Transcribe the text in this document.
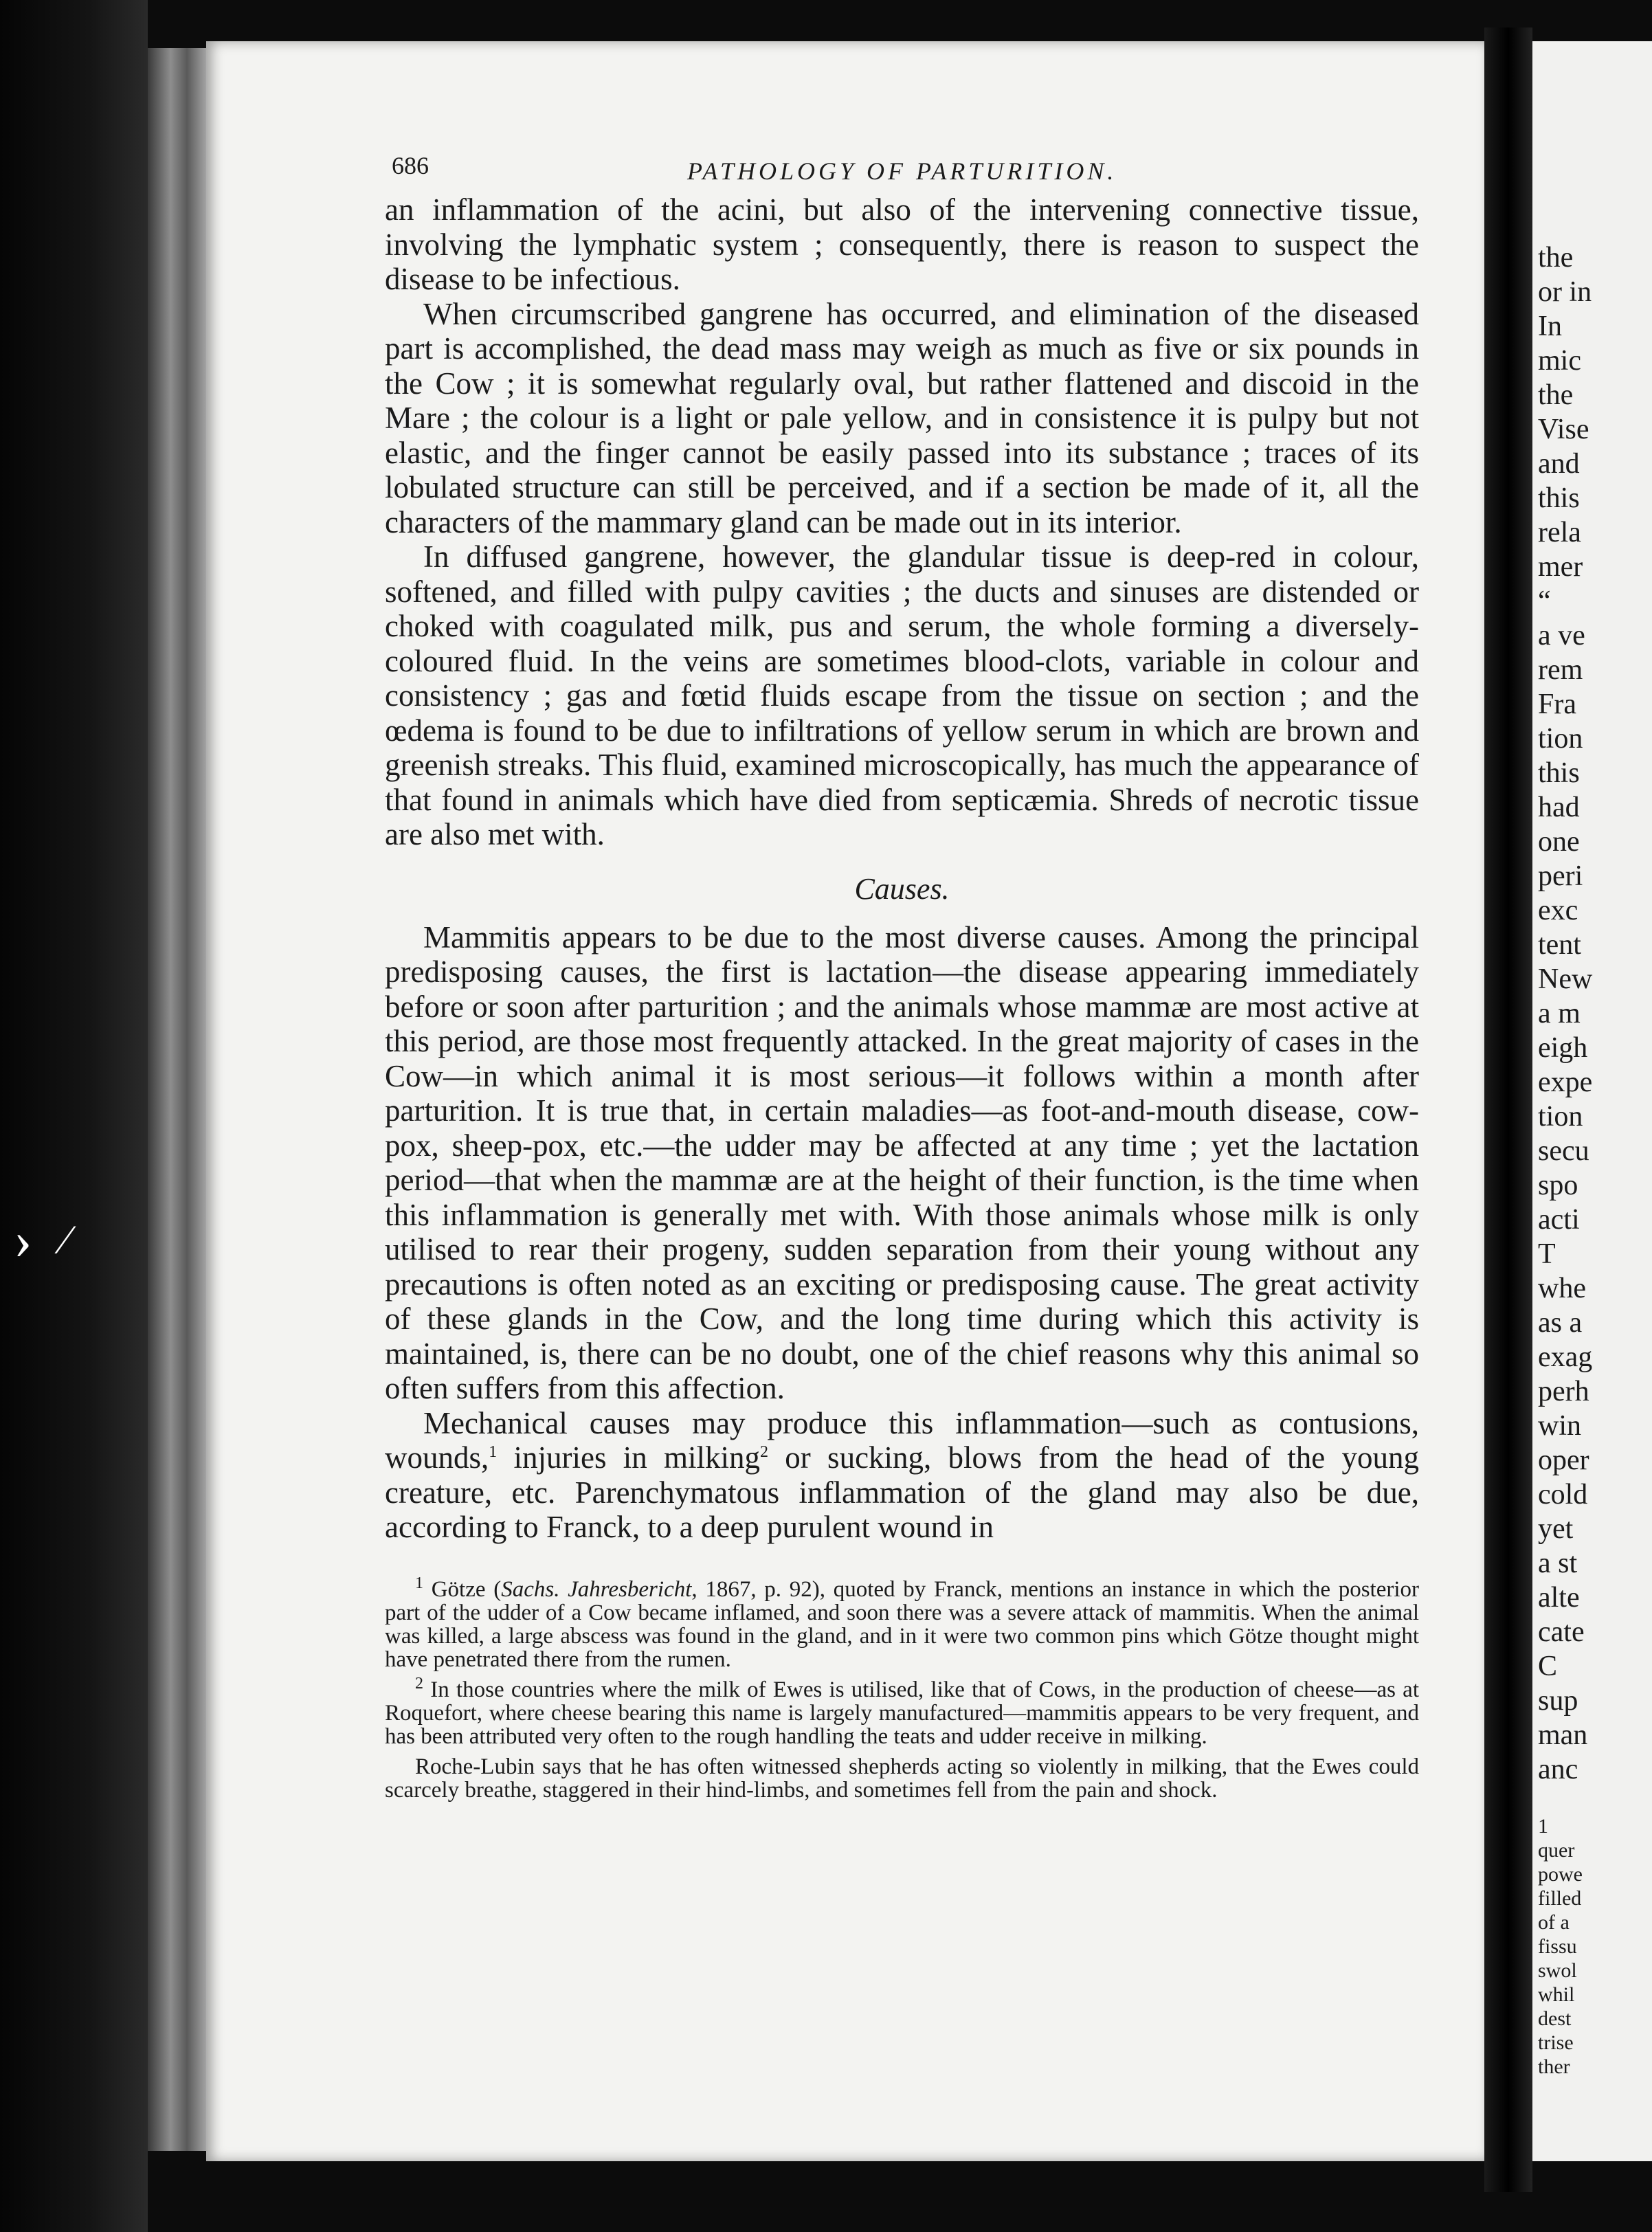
› ⁄
the
or in
In
mic
the
Vise
and
this
rela
mer
“
a ve
rem
Fra
tion
this
had
one
peri
exc
tent
New
a m
eigh
expe
tion
secu
spo
acti
T
whe
as a
exag
perh
win
oper
cold
yet
a st
alte
cate
C
sup
man
anc
1
quer
powe
filled
of a
fissu
swol
whil
dest
trise
ther
686	PATHOLOGY OF PARTURITION.

an inflammation of the acini, but also of the intervening connective tissue, involving the lymphatic system ; consequently, there is reason to suspect the disease to be infectious.

When circumscribed gangrene has occurred, and elimination of the diseased part is accomplished, the dead mass may weigh as much as five or six pounds in the Cow ; it is somewhat regularly oval, but rather flattened and discoid in the Mare ; the colour is a light or pale yellow, and in consistence it is pulpy but not elastic, and the finger cannot be easily passed into its substance ; traces of its lobulated structure can still be perceived, and if a section be made of it, all the characters of the mammary gland can be made out in its interior.

In diffused gangrene, however, the glandular tissue is deep-red in colour, softened, and filled with pulpy cavities ; the ducts and sinuses are distended or choked with coagulated milk, pus and serum, the whole forming a diversely-coloured fluid. In the veins are sometimes blood-clots, variable in colour and consistency ; gas and fœtid fluids escape from the tissue on section ; and the œdema is found to be due to infiltrations of yellow serum in which are brown and greenish streaks. This fluid, examined microscopically, has much the appearance of that found in animals which have died from septicæmia. Shreds of necrotic tissue are also met with.

Causes.

Mammitis appears to be due to the most diverse causes. Among the principal predisposing causes, the first is lactation—the disease appearing immediately before or soon after parturition ; and the animals whose mammæ are most active at this period, are those most frequently attacked. In the great majority of cases in the Cow—in which animal it is most serious—it follows within a month after parturition. It is true that, in certain maladies—as foot-and-mouth disease, cow-pox, sheep-pox, etc.—the udder may be affected at any time ; yet the lactation period—that when the mammæ are at the height of their function, is the time when this inflammation is generally met with. With those animals whose milk is only utilised to rear their progeny, sudden separation from their young without any precautions is often noted as an exciting or predisposing cause. The great activity of these glands in the Cow, and the long time during which this activity is maintained, is, there can be no doubt, one of the chief reasons why this animal so often suffers from this affection.

Mechanical causes may produce this inflammation—such as contusions, wounds,$^1$ injuries in milking$^2$ or sucking, blows from the head of the young creature, etc. Parenchymatous inflammation of the gland may also be due, according to Franck, to a deep purulent wound in

$^1$ Götze (Sachs. Jahresbericht, 1867, p. 92), quoted by Franck, mentions an instance in which the posterior part of the udder of a Cow became inflamed, and soon there was a severe attack of mammitis. When the animal was killed, a large abscess was found in the gland, and in it were two common pins which Götze thought might have penetrated there from the rumen.

$^2$ In those countries where the milk of Ewes is utilised, like that of Cows, in the production of cheese—as at Roquefort, where cheese bearing this name is largely manufactured—mammitis appears to be very frequent, and has been attributed very often to the rough handling the teats and udder receive in milking.

Roche-Lubin says that he has often witnessed shepherds acting so violently in milking, that the Ewes could scarcely breathe, staggered in their hind-limbs, and sometimes fell from the pain and shock.
